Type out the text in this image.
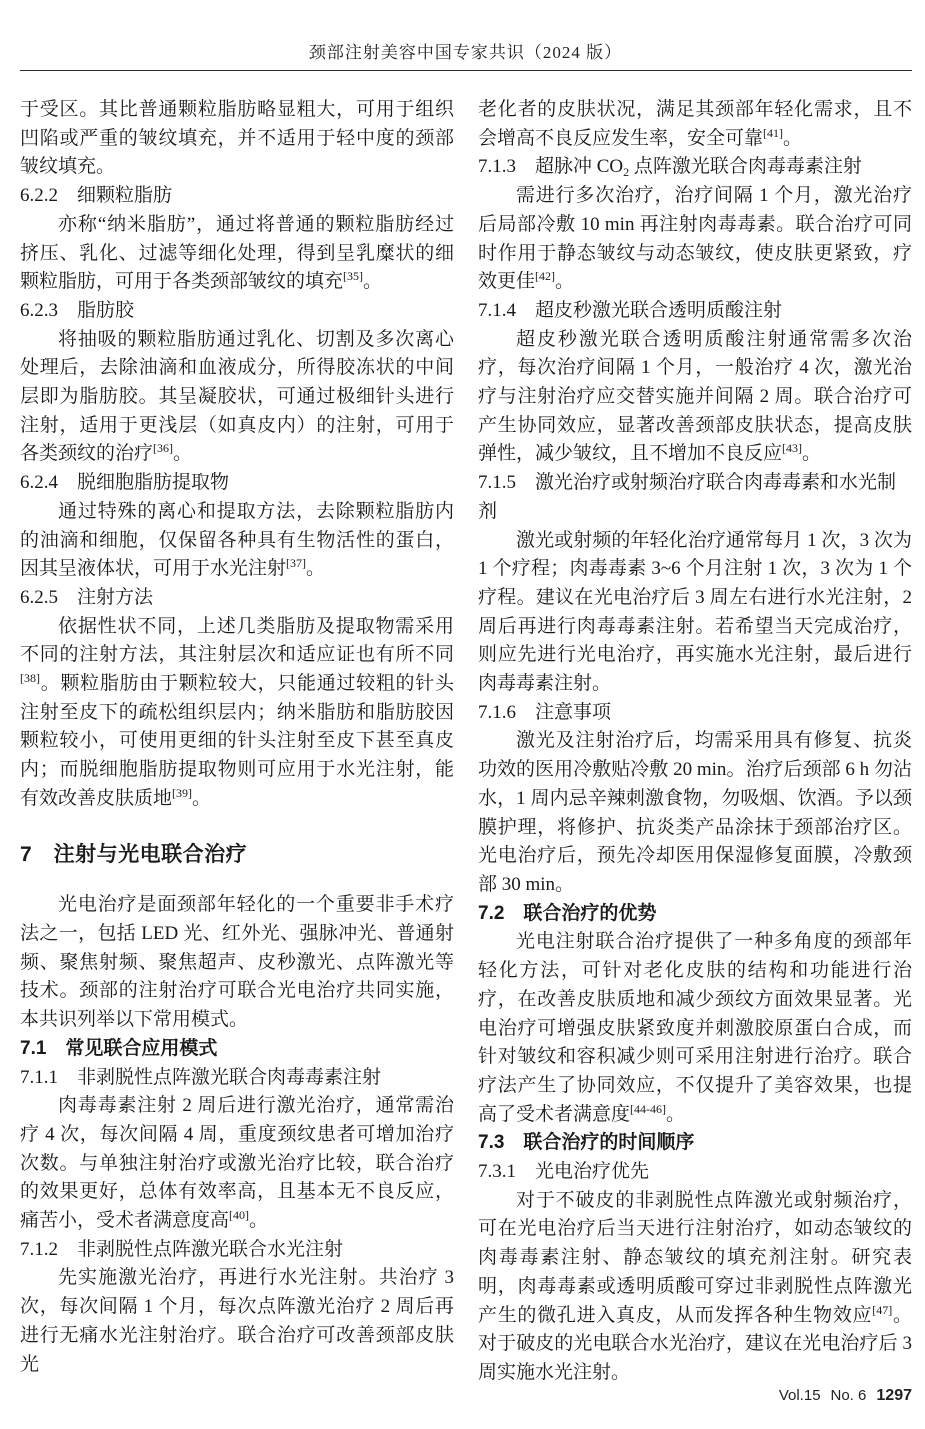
颈部注射美容中国专家共识（2024 版）
于受区。其比普通颗粒脂肪略显粗大，可用于组织凹陷或严重的皱纹填充，并不适用于轻中度的颈部皱纹填充。
6.2.2　细颗粒脂肪
亦称“纳米脂肪”，通过将普通的颗粒脂肪经过挤压、乳化、过滤等细化处理，得到呈乳糜状的细颗粒脂肪，可用于各类颈部皱纹的填充[35]。
6.2.3　脂肪胶
将抽吸的颗粒脂肪通过乳化、切割及多次离心处理后，去除油滴和血液成分，所得胶冻状的中间层即为脂肪胶。其呈凝胶状，可通过极细针头进行注射，适用于更浅层（如真皮内）的注射，可用于各类颈纹的治疗[36]。
6.2.4　脱细胞脂肪提取物
通过特殊的离心和提取方法，去除颗粒脂肪内的油滴和细胞，仅保留各种具有生物活性的蛋白，因其呈液体状，可用于水光注射[37]。
6.2.5　注射方法
依据性状不同，上述几类脂肪及提取物需采用不同的注射方法，其注射层次和适应证也有所不同[38]。颗粒脂肪由于颗粒较大，只能通过较粗的针头注射至皮下的疏松组织层内；纳米脂肪和脂肪胶因颗粒较小，可使用更细的针头注射至皮下甚至真皮内；而脱细胞脂肪提取物则可应用于水光注射，能有效改善皮肤质地[39]。
7　注射与光电联合治疗
光电治疗是面颈部年轻化的一个重要非手术疗法之一，包括 LED 光、红外光、强脉冲光、普通射频、聚焦射频、聚焦超声、皮秒激光、点阵激光等技术。颈部的注射治疗可联合光电治疗共同实施，本共识列举以下常用模式。
7.1　常见联合应用模式
7.1.1　非剥脱性点阵激光联合肉毒毒素注射
肉毒毒素注射 2 周后进行激光治疗，通常需治疗 4 次，每次间隔 4 周，重度颈纹患者可增加治疗次数。与单独注射治疗或激光治疗比较，联合治疗的效果更好，总体有效率高，且基本无不良反应，痛苦小，受术者满意度高[40]。
7.1.2　非剥脱性点阵激光联合水光注射
先实施激光治疗，再进行水光注射。共治疗 3 次，每次间隔 1 个月，每次点阵激光治疗 2 周后再进行无痛水光注射治疗。联合治疗可改善颈部皮肤光
老化者的皮肤状况，满足其颈部年轻化需求，且不会增高不良反应发生率，安全可靠[41]。
7.1.3　超脉冲 $CO_2$ 点阵激光联合肉毒毒素注射
需进行多次治疗，治疗间隔 1 个月，激光治疗后局部冷敷 10 min 再注射肉毒毒素。联合治疗可同时作用于静态皱纹与动态皱纹，使皮肤更紧致，疗效更佳[42]。
7.1.4　超皮秒激光联合透明质酸注射
超皮秒激光联合透明质酸注射通常需多次治疗，每次治疗间隔 1 个月，一般治疗 4 次，激光治疗与注射治疗应交替实施并间隔 2 周。联合治疗可产生协同效应，显著改善颈部皮肤状态，提高皮肤弹性，减少皱纹，且不增加不良反应[43]。
7.1.5　激光治疗或射频治疗联合肉毒毒素和水光制剂
激光或射频的年轻化治疗通常每月 1 次，3 次为 1 个疗程；肉毒毒素 3~6 个月注射 1 次，3 次为 1 个疗程。建议在光电治疗后 3 周左右进行水光注射，2 周后再进行肉毒毒素注射。若希望当天完成治疗，则应先进行光电治疗，再实施水光注射，最后进行肉毒毒素注射。
7.1.6　注意事项
激光及注射治疗后，均需采用具有修复、抗炎功效的医用冷敷贴冷敷 20 min。治疗后颈部 6 h 勿沾水，1 周内忌辛辣刺激食物，勿吸烟、饮酒。予以颈膜护理，将修护、抗炎类产品涂抹于颈部治疗区。光电治疗后，预先冷却医用保湿修复面膜，冷敷颈部 30 min。
7.2　联合治疗的优势
光电注射联合治疗提供了一种多角度的颈部年轻化方法，可针对老化皮肤的结构和功能进行治疗，在改善皮肤质地和减少颈纹方面效果显著。光电治疗可增强皮肤紧致度并刺激胶原蛋白合成，而针对皱纹和容积减少则可采用注射进行治疗。联合疗法产生了协同效应，不仅提升了美容效果，也提高了受术者满意度[44-46]。
7.3　联合治疗的时间顺序
7.3.1　光电治疗优先
对于不破皮的非剥脱性点阵激光或射频治疗，可在光电治疗后当天进行注射治疗，如动态皱纹的肉毒毒素注射、静态皱纹的填充剂注射。研究表明，肉毒毒素或透明质酸可穿过非剥脱性点阵激光产生的微孔进入真皮，从而发挥各种生物效应[47]。对于破皮的光电联合水光治疗，建议在光电治疗后 3 周实施水光注射。
Vol.15 No. 6 1297
